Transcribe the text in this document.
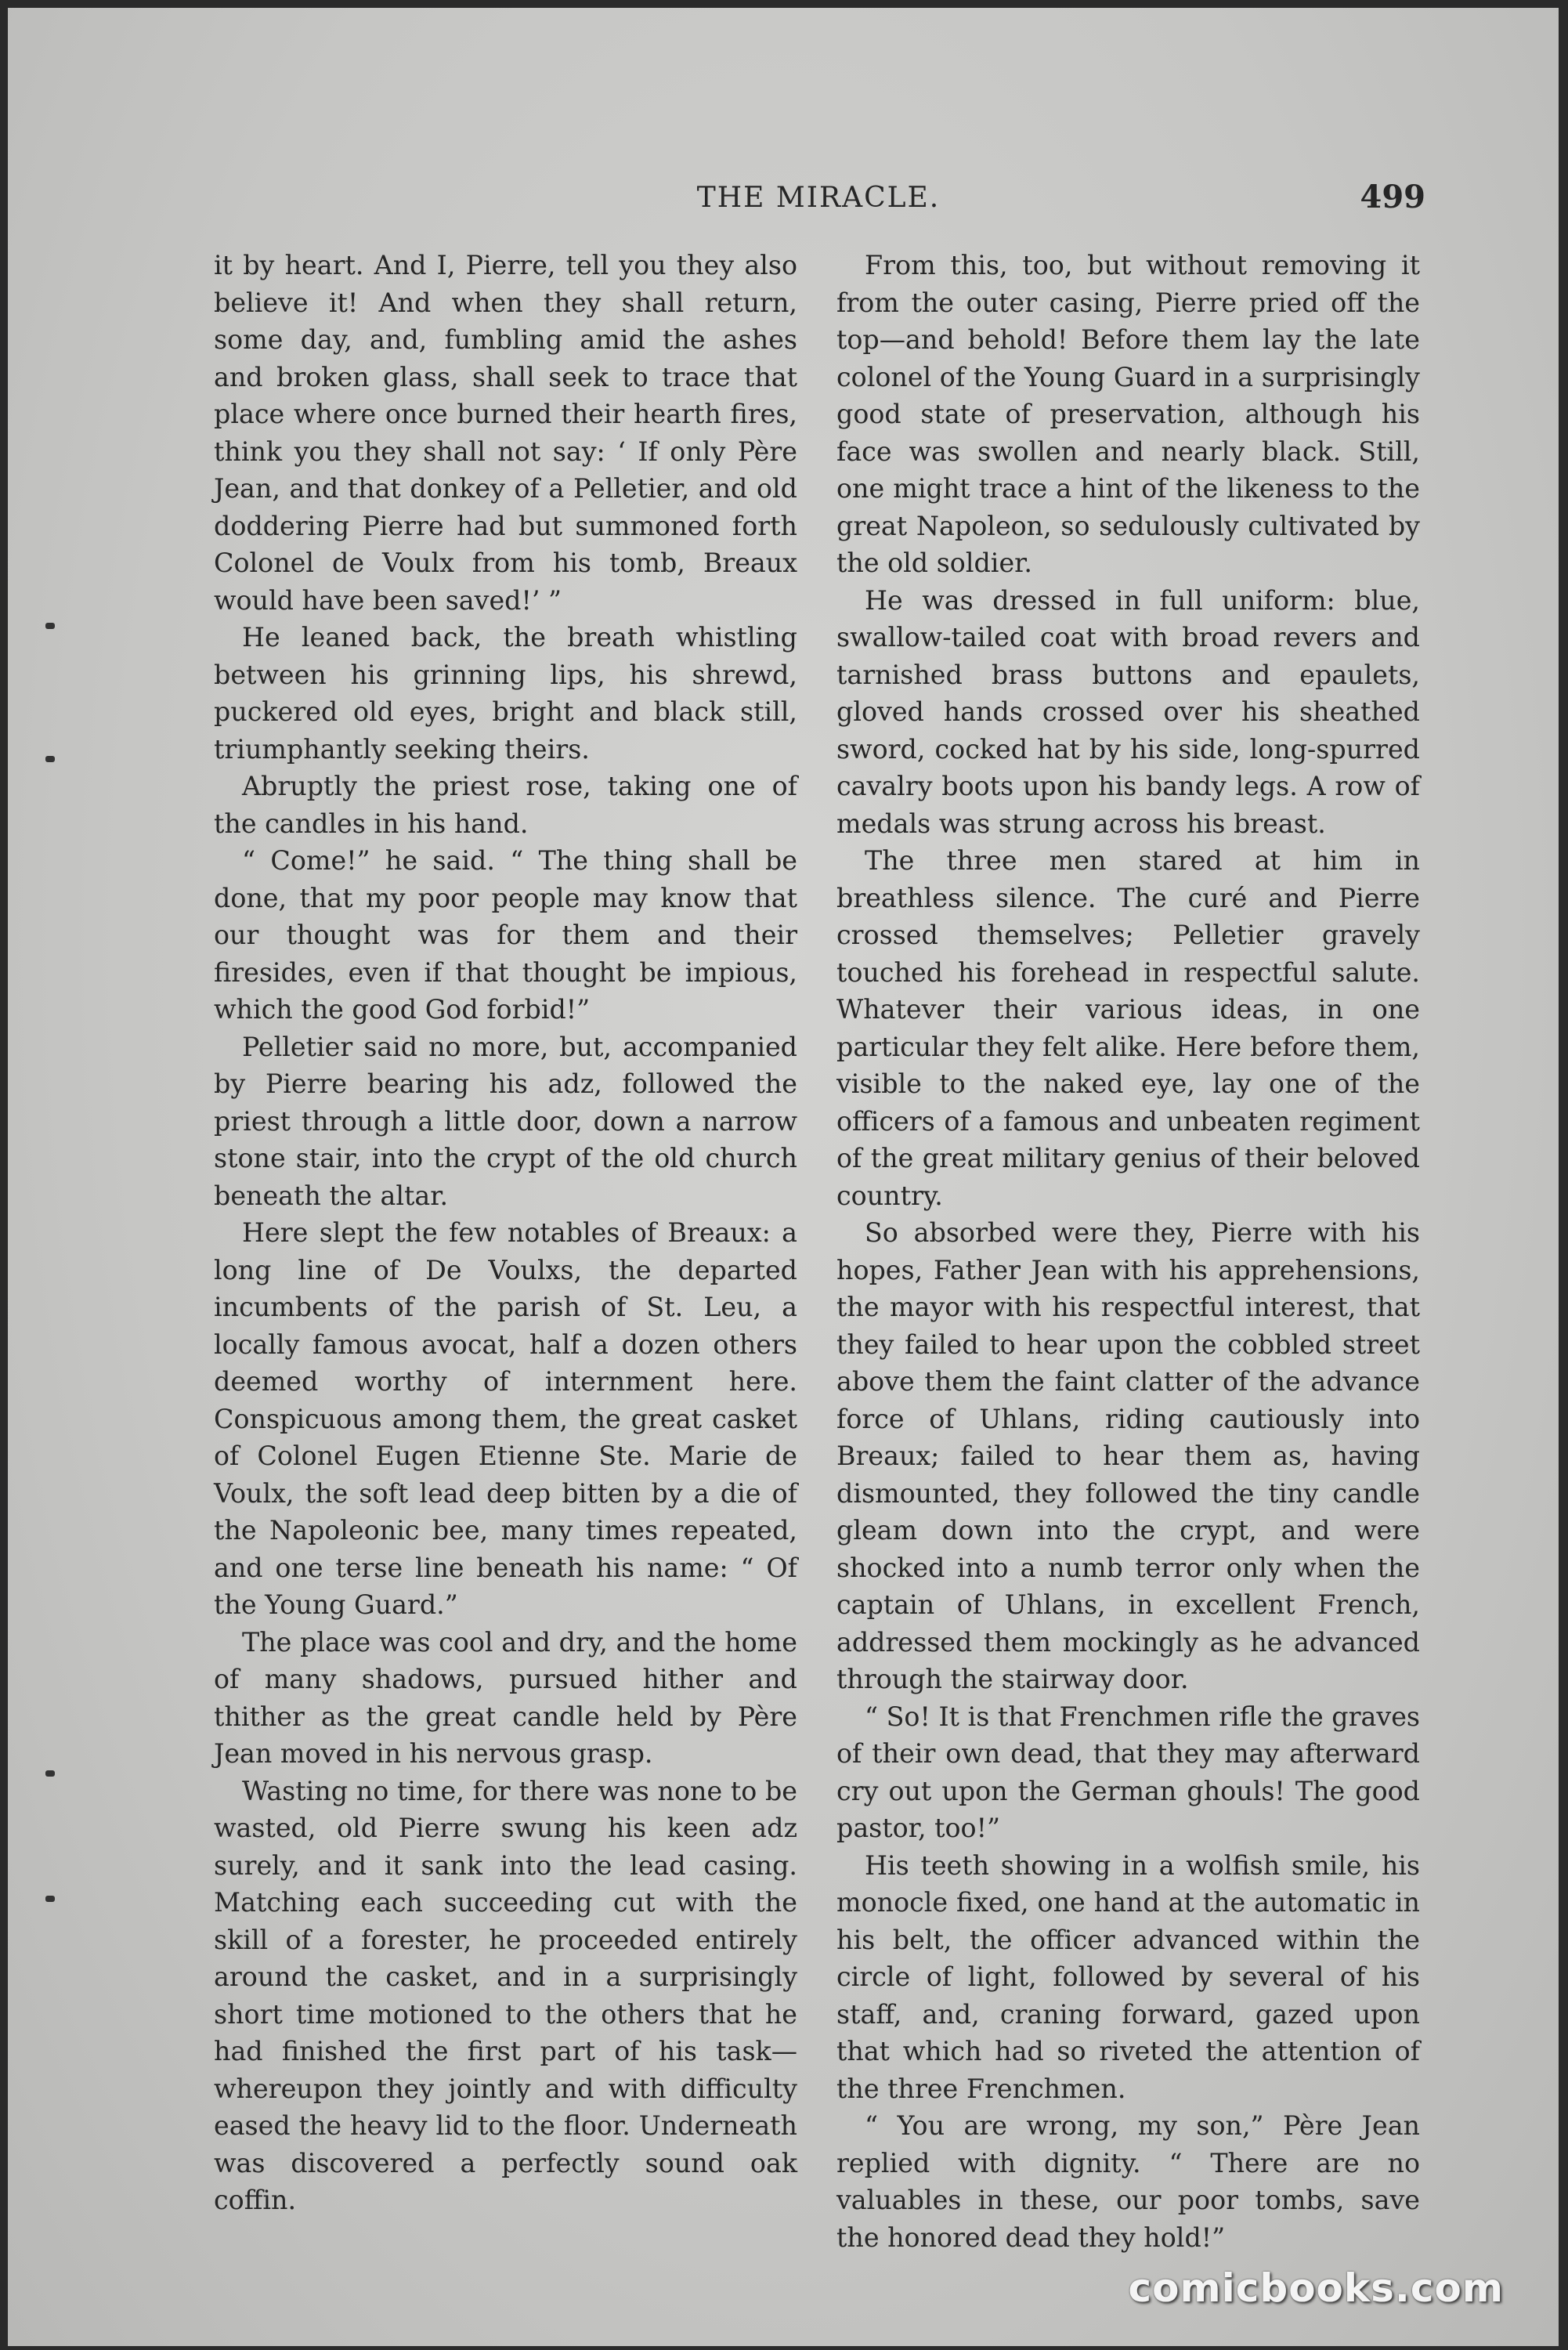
THE MIRACLE.	499

it by heart. And I, Pierre, tell you they also believe it! And when they shall return, some day, and, fumbling amid the ashes and broken glass, shall seek to trace that place where once burned their hearth fires, think you they shall not say: ‘ If only Père Jean, and that donkey of a Pelletier, and old doddering Pierre had but summoned forth Colonel de Voulx from his tomb, Breaux would have been saved!’ ”

He leaned back, the breath whistling between his grinning lips, his shrewd, puckered old eyes, bright and black still, triumphantly seeking theirs.

Abruptly the priest rose, taking one of the candles in his hand.

“ Come!” he said. “ The thing shall be done, that my poor people may know that our thought was for them and their firesides, even if that thought be impious, which the good God forbid!”

Pelletier said no more, but, accompanied by Pierre bearing his adz, followed the priest through a little door, down a narrow stone stair, into the crypt of the old church beneath the altar.

Here slept the few notables of Breaux: a long line of De Voulxs, the departed incumbents of the parish of St. Leu, a locally famous avocat, half a dozen others deemed worthy of internment here. Conspicuous among them, the great casket of Colonel Eugen Etienne Ste. Marie de Voulx, the soft lead deep bitten by a die of the Napoleonic bee, many times repeated, and one terse line beneath his name: “ Of the Young Guard.”

The place was cool and dry, and the home of many shadows, pursued hither and thither as the great candle held by Père Jean moved in his nervous grasp.

Wasting no time, for there was none to be wasted, old Pierre swung his keen adz surely, and it sank into the lead casing. Matching each succeeding cut with the skill of a forester, he proceeded entirely around the casket, and in a surprisingly short time motioned to the others that he had finished the first part of his task—whereupon they jointly and with difficulty eased the heavy lid to the floor. Underneath was discovered a perfectly sound oak coffin.

From this, too, but without removing it from the outer casing, Pierre pried off the top—and behold! Before them lay the late colonel of the Young Guard in a surprisingly good state of preservation, although his face was swollen and nearly black. Still, one might trace a hint of the likeness to the great Napoleon, so sedulously cultivated by the old soldier.

He was dressed in full uniform: blue, swallow-tailed coat with broad revers and tarnished brass buttons and epaulets, gloved hands crossed over his sheathed sword, cocked hat by his side, long-spurred cavalry boots upon his bandy legs. A row of medals was strung across his breast.

The three men stared at him in breathless silence. The curé and Pierre crossed themselves; Pelletier gravely touched his forehead in respectful salute. Whatever their various ideas, in one particular they felt alike. Here before them, visible to the naked eye, lay one of the officers of a famous and unbeaten regiment of the great military genius of their beloved country.

So absorbed were they, Pierre with his hopes, Father Jean with his apprehensions, the mayor with his respectful interest, that they failed to hear upon the cobbled street above them the faint clatter of the advance force of Uhlans, riding cautiously into Breaux; failed to hear them as, having dismounted, they followed the tiny candle gleam down into the crypt, and were shocked into a numb terror only when the captain of Uhlans, in excellent French, addressed them mockingly as he advanced through the stairway door.

“ So! It is that Frenchmen rifle the graves of their own dead, that they may afterward cry out upon the German ghouls! The good pastor, too!”

His teeth showing in a wolfish smile, his monocle fixed, one hand at the automatic in his belt, the officer advanced within the circle of light, followed by several of his staff, and, craning forward, gazed upon that which had so riveted the attention of the three Frenchmen.

“ You are wrong, my son,” Père Jean replied with dignity. “ There are no valuables in these, our poor tombs, save the honored dead they hold!”

comicbooks.com
